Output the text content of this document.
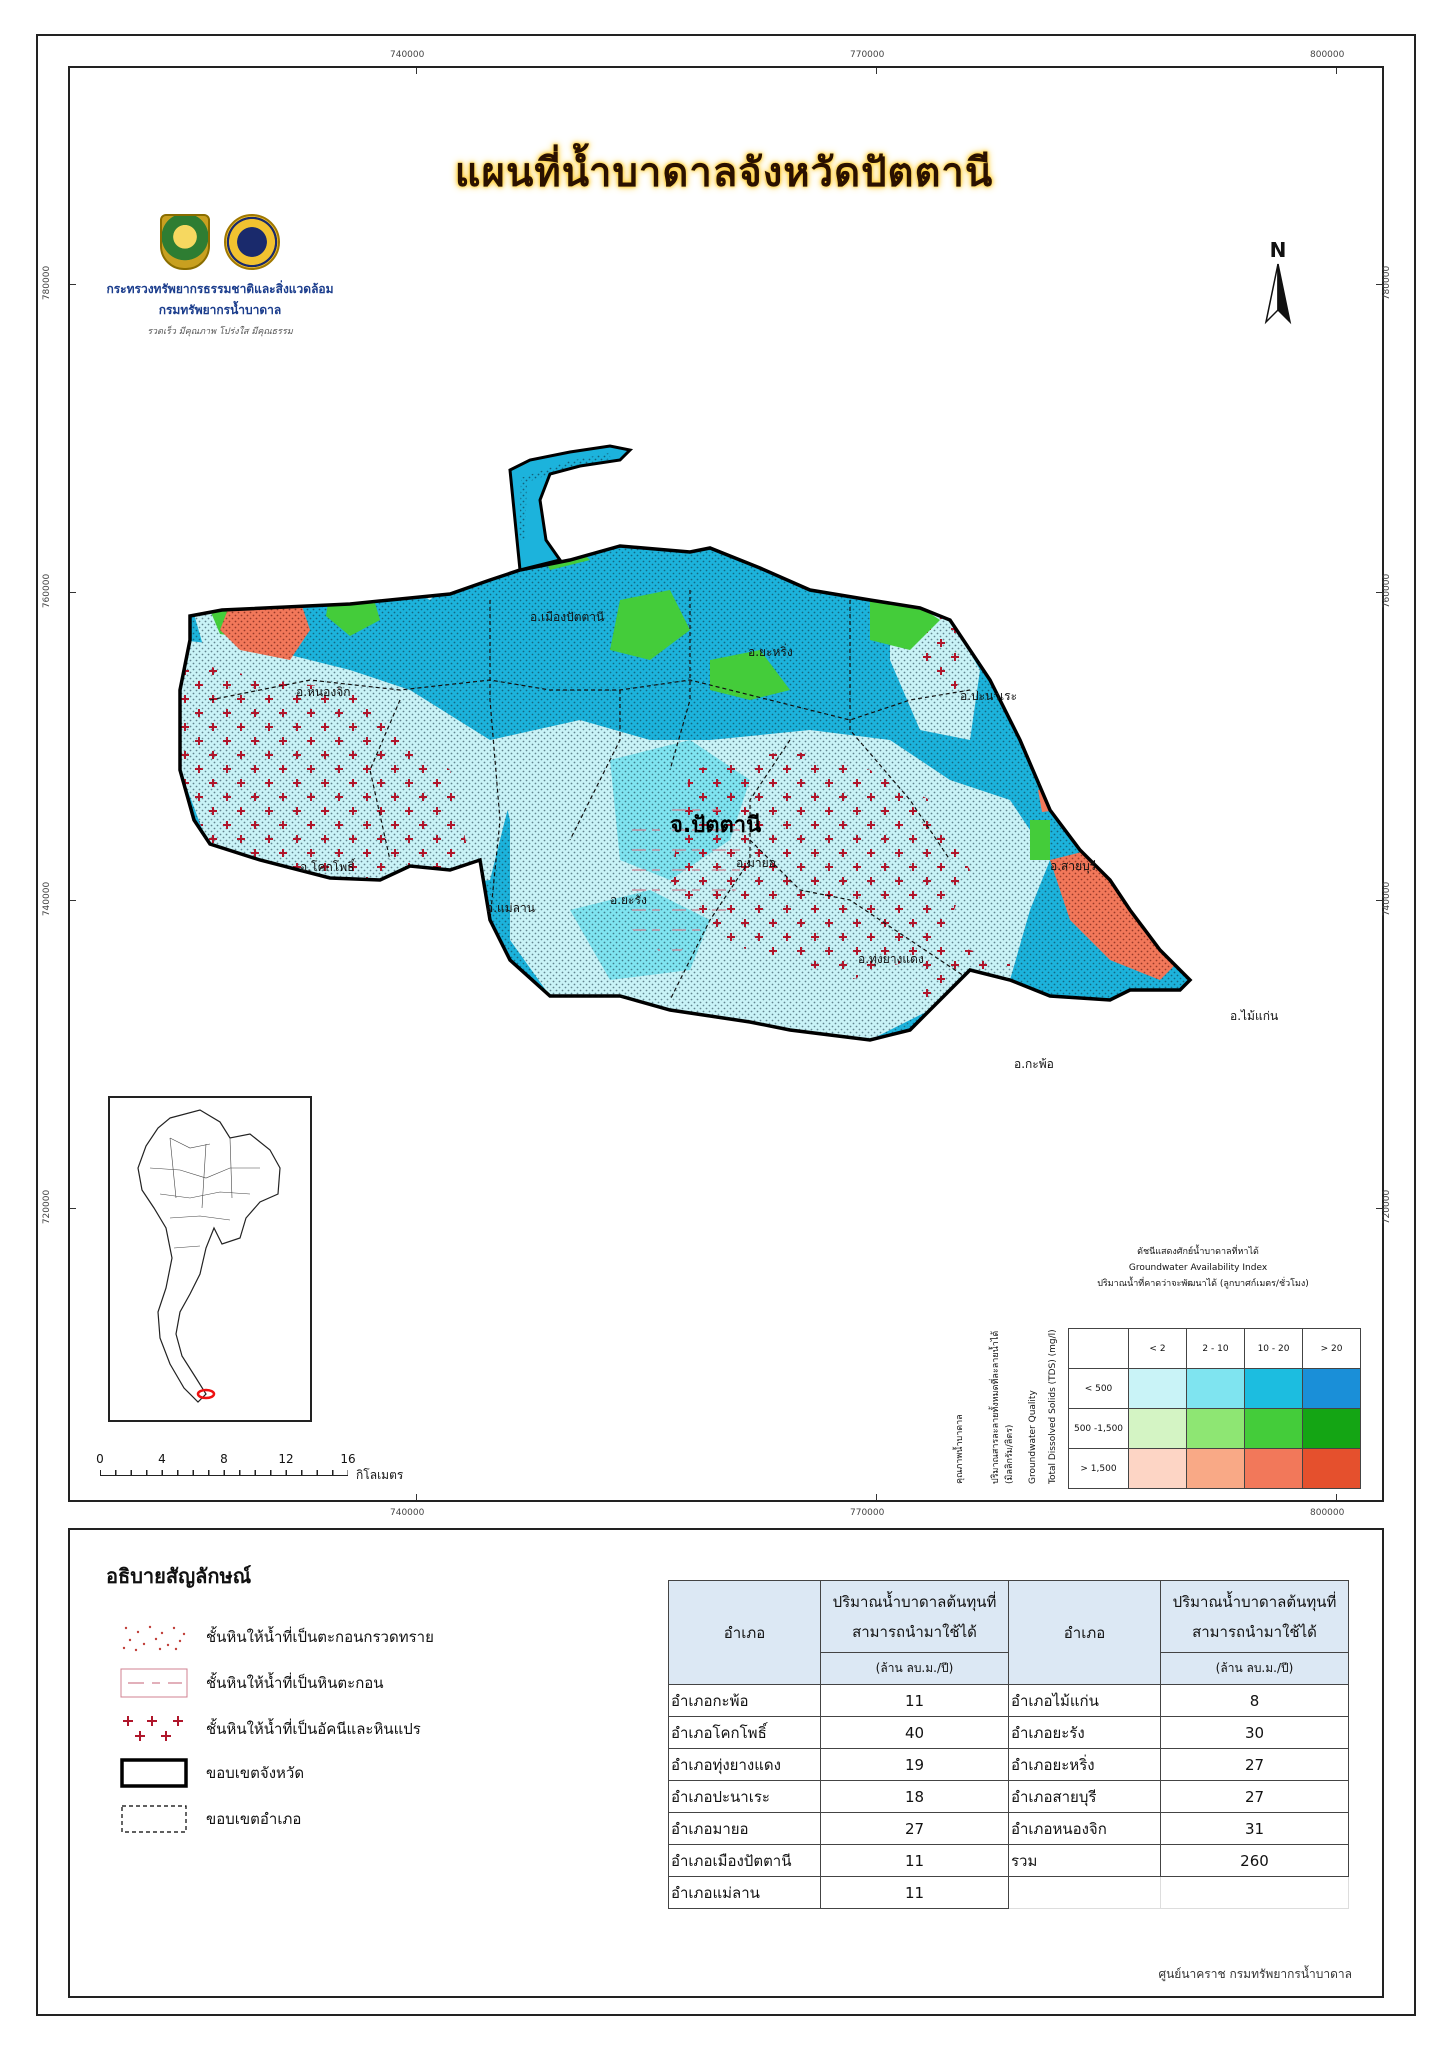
740000	770000	800000
740000	770000	800000
780000
760000
740000
720000
780000
760000
740000
720000
แผนที่น้ำบาดาลจังหวัดปัตตานี
กระทรวงทรัพยากรธรรมชาติและสิ่งแวดล้อม
กรมทรัพยากรน้ำบาดาล
รวดเร็ว มีคุณภาพ โปร่งใส มีคุณธรรม
N
อ.เมืองปัตตานี
อ.ยะหริ่ง
อ.หนองจิก	อ.ปะนาเระ
อ.โคกโพธิ์	อ.มายอ	อ.สายบุรี
อ.แม่ลาน
อ.ยะรัง
อ.ทุ่งยางแดง
อ.ไม้แก่น
อ.กะพ้อ
จ.ปัตตานี
0	4	8	12	16
กิโลเมตร
ดัชนีแสดงศักย์น้ำบาดาลที่หาได้
Groundwater Availability Index
ปริมาณน้ำที่คาดว่าจะพัฒนาได้ (ลูกบาศก์เมตร/ชั่วโมง)
	< 2	2 - 10	10 - 20	> 20
< 500				
500 -1,500				
> 1,500				
คุณภาพน้ำบาดาล	ปริมาณสารละลายทั้งหมดที่ละลายน้ำได้ (มิลลิกรัม/ลิตร) Groundwater Quality Total Dissolved Solids (TDS) (mg/l)
อธิบายสัญลักษณ์
ชั้นหินให้น้ำที่เป็นตะกอนกรวดทราย
ชั้นหินให้น้ำที่เป็นหินตะกอน
ชั้นหินให้น้ำที่เป็นอัคนีและหินแปร
ขอบเขตจังหวัด
ขอบเขตอำเภอ
อำเภอ	ปริมาณน้ำบาดาลต้นทุนที่สามารถนำมาใช้ได้	อำเภอ	ปริมาณน้ำบาดาลต้นทุนที่สามารถนำมาใช้ได้
	(ล้าน ลบ.ม./ปี)		(ล้าน ลบ.ม./ปี)
อำเภอกะพ้อ	11	อำเภอไม้แก่น	8
อำเภอโคกโพธิ์	40	อำเภอยะรัง	30
อำเภอทุ่งยางแดง	19	อำเภอยะหริ่ง	27
อำเภอปะนาเระ	18	อำเภอสายบุรี	27
อำเภอมายอ	27	อำเภอหนองจิก	31
อำเภอเมืองปัตตานี	11	รวม	260
อำเภอแม่ลาน	11		
ศูนย์นาคราช กรมทรัพยากรน้ำบาดาล
